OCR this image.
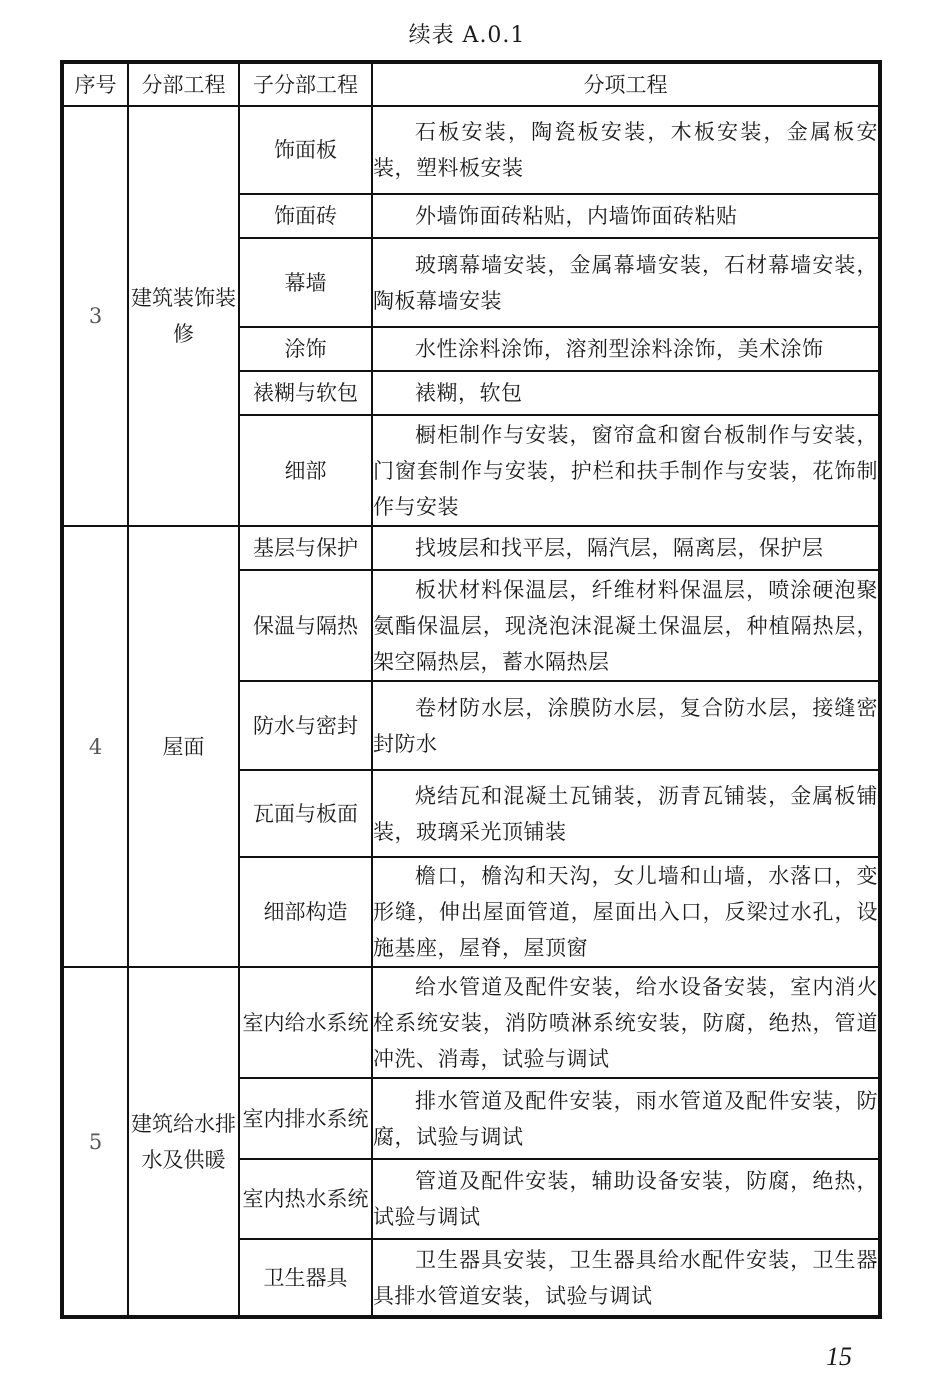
续表 A.0.1
序号	分部工程	子分部工程	分项工程
3	建筑装饰装修	饰面板	石板安装，陶瓷板安装，木板安装，金属板安装，塑料板安装
		饰面砖	外墙饰面砖粘贴，内墙饰面砖粘贴
		幕墙	玻璃幕墙安装，金属幕墙安装，石材幕墙安装，陶板幕墙安装
		涂饰	水性涂料涂饰，溶剂型涂料涂饰，美术涂饰
		裱糊与软包	裱糊，软包
		细部	橱柜制作与安装，窗帘盒和窗台板制作与安装，门窗套制作与安装，护栏和扶手制作与安装，花饰制作与安装
4	屋面	基层与保护	找坡层和找平层，隔汽层，隔离层，保护层
		保温与隔热	板状材料保温层，纤维材料保温层，喷涂硬泡聚氨酯保温层，现浇泡沫混凝土保温层，种植隔热层，架空隔热层，蓄水隔热层
		防水与密封	卷材防水层，涂膜防水层，复合防水层，接缝密封防水
		瓦面与板面	烧结瓦和混凝土瓦铺装，沥青瓦铺装，金属板铺装，玻璃采光顶铺装
		细部构造	檐口，檐沟和天沟，女儿墙和山墙，水落口，变形缝，伸出屋面管道，屋面出入口，反梁过水孔，设施基座，屋脊，屋顶窗
5	建筑给水排水及供暖	室内给水系统	给水管道及配件安装，给水设备安装，室内消火栓系统安装，消防喷淋系统安装，防腐，绝热，管道冲洗、消毒，试验与调试
		室内排水系统	排水管道及配件安装，雨水管道及配件安装，防腐，试验与调试
		室内热水系统	管道及配件安装，辅助设备安装，防腐，绝热，试验与调试
		卫生器具	卫生器具安装，卫生器具给水配件安装，卫生器具排水管道安装，试验与调试
15
